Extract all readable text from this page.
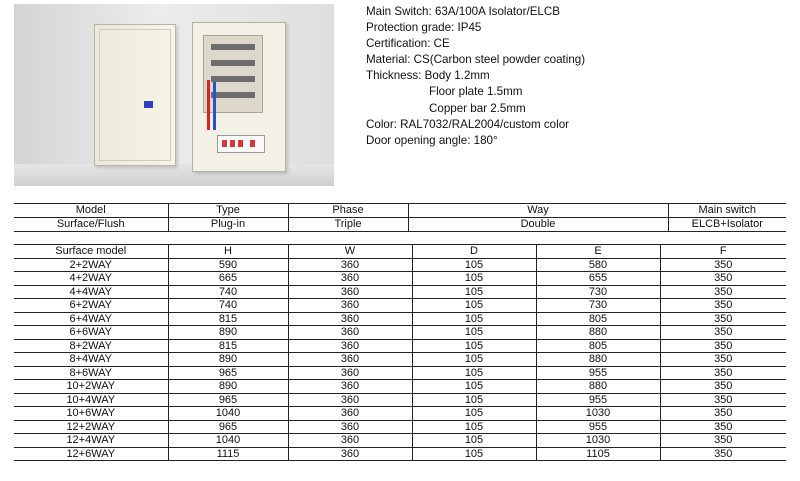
Main Switch: 63A/100A Isolator/ELCB
Protection grade: IP45
Certification: CE
Material: CS(Carbon steel powder coating)
Thickness: Body 1.2mm
Floor plate 1.5mm
Copper bar 2.5mm
Color: RAL7032/RAL2004/custom color
Door opening angle: 180°
Model	Type	Phase	Way	Main switch
Surface/Flush	Plug-in	Triple	Double	ELCB+Isolator
Surface model	H	W	D	E	F
2+2WAY	590	360	105	580	350
4+2WAY	665	360	105	655	350
4+4WAY	740	360	105	730	350
6+2WAY	740	360	105	730	350
6+4WAY	815	360	105	805	350
6+6WAY	890	360	105	880	350
8+2WAY	815	360	105	805	350
8+4WAY	890	360	105	880	350
8+6WAY	965	360	105	955	350
10+2WAY	890	360	105	880	350
10+4WAY	965	360	105	955	350
10+6WAY	1040	360	105	1030	350
12+2WAY	965	360	105	955	350
12+4WAY	1040	360	105	1030	350
12+6WAY	1115	360	105	1105	350
